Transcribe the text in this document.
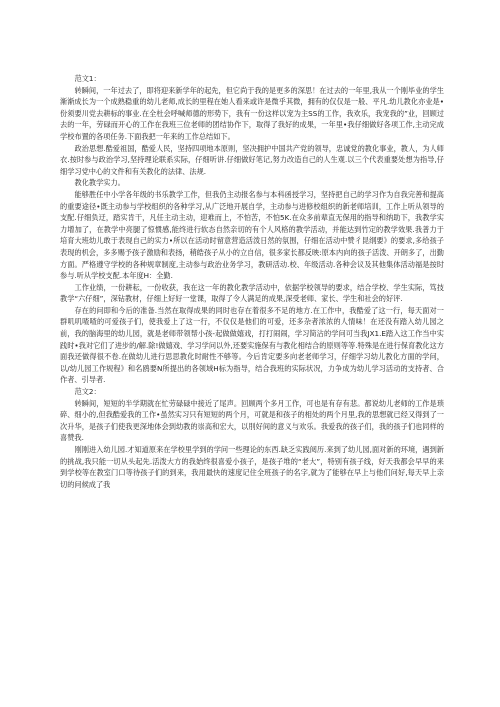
范文1：

转瞬间，一年过去了，即将迎来新学年的起先，但它尚于我的是更多的深思！在过去的一年里,我从一个刚毕业的学生渐渐成长为一个成熟稳重的幼儿老师,成长的里程在她人看来或许是微乎其微，拥有的仅仅是一般、平凡.幼儿教化亦业是•份须要川党去耕标的事业.在全杜会呼喊师德的形势下，我有一份这样以宠为主SS的工作，我欢乐，我宠我的”业，回顾过去的一年，劳碌而开心的工作在我班三位老师的团结协作下，取得了我好的成果，一年里•我仔细做好各项工作,主动完成学校布置的各项任务.下面我把一年来的工作总结如下。

政治思想.酷爱祖国，酷爱人民，坚持四项地本原则，坚决拥护中国共产党的领导，忠诚党的教化事业，教人，为人师衣.按时参与政治学习,坚持理论联系实际，仔细听讲.仔细做好笔记,努力改造自己的人生观.以三个代表重要处想为指导,仔细学习党中心的文件和有关教化的法律、法规.

教化教学实力。

能够胜任中小学各年级的书乐教学工作，但我仍主动报名参与本科函授学习，坚持把自己的学习作为自我完善和提高的重要途径•既主动参与学校组织的各种学习,从广泛地开展自学，主动参与进修校组织的新老师培训，工作上听从领导的支配.仔细负迂，踏实肯干，凡任主动主动，迎难而上，不怕苦，不怕5K.在众多前辈直无保用的指导和纳助下，我教学实力增加了，在教学中亮腿了惊惯感,能终进行软态自然亲切的有个人风格的教学活动，并能达到竹定的教学效果.我普力于培育大班幼儿敢于表现自己的实力•所以在活动时留意营造活泼日然的氛围，仔细在活动中赞彳昆纲要》的要求,多给孩子表现的机会，多多赐予孩子激励和表扬，稍皓孩子从小的立自信，很多家长都反映:原本内向的孩子活泼、开朗多了，出勤方面。严格遵守学校的各种规章制度,主动参与政治业务学习，教研活动.校、年级活动.各种会议及其他集体活动福是按时参与.听从学校支配.本年度H：全勤.

工作业绩，一份耕耘，一份收获，我在这一年的教化教学活动中，依据学校领导的要求，结合学校、学生实际，笃技教学“六仔细”，深钻教材，仔细上好好一堂课，取得了令人满足的成果,深受老师、家长、学生和社会的好评.

存在的问即和今后的准备.当然在取得成果的同时也存在着很多不足的地方.在工作中，我酷爱了这一行，每天面对一群叽叽喳喳的可爱孩子们，使我爱上了这一行，不仅仅是他们的可爱，还多杂者浓浓的人情味！在还没有踏入幼儿园之前，我的脑海里的幼儿园，就是老师带领帮小孩-起做做嬉戏，打打闹闹，学习简沾的学问可当我JX1.E踏入这工作当中实践时•我对它们了进步的/解.除!做嬉戏、学习学问以外,还要实施保有与教化相结合的原则等等.特殊是在进行保育教化这方面我还做得很不卷.在做幼儿进行思思教化时耐性不够等。今后肯定要多向老老师学习，仔细学习幼儿教化方面的学问，以/幼儿园工作规程》和名鸥要N所提出的各领域H标为指导，结合我班的实际状况，力争成为幼儿学习活动的支持者、合作者、引导者.

范文2：

转瞬间，短短的半学期就在忙劳碌碌中接近了尾声。回顾两个多月工作，可也是有存有悲。都说幼儿老师的工作是琐碎、细小的,但我酷爱我的工作•虽然实习只有短短的两个月，可就是和孩子的相处的两个月里,我的思想就已经又得到了一次升华，是孩子们使我更深地体会到幼教的崇高和宏大，以刖好间的意义与欢乐。我爱我的孩子们，我的孩子们也同样的喜赞我.

刚刚进入幼儿园.才知道原来在学校里学到的学问一些理论的东西.缺乏实践阅历.来到了幼儿园,面对新的环境，遇到新的挑战,我只能一切从头起先.活泼大方的我始终很喜爱小孩子，是孩子堆的“老大”，特别有孩子线，好天我都会早早的来到学校等在教室门口等待孩子们的到来，我用最快的速度记住全班孩子的名字,就为了能够在早上与他们问好,每天早上亲切的问候成了我
